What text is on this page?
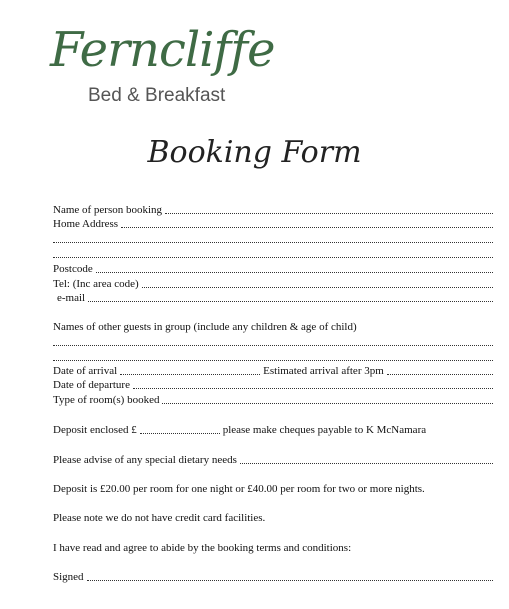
Ferncliffe
Bed & Breakfast
Booking Form
Name of person booking
Home Address
Postcode
Tel: (Inc area code)
e-mail
Names of other guests in group (include any children & age of child)
Date of arrival	Estimated arrival after 3pm
Date of departure
Type of room(s) booked
Deposit enclosed £	please make cheques payable to K McNamara
Please advise of any special dietary needs
Deposit is £20.00 per room for one night or £40.00 per room for two or more nights.
Please note we do not have credit card facilities.
I have read and agree to abide by the booking terms and conditions:
Signed
